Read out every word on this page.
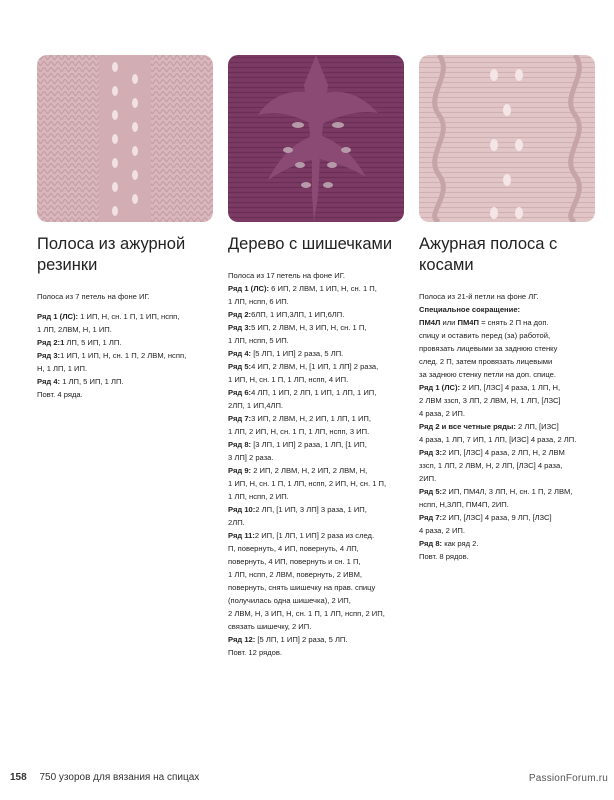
Полоса из ажурной резинки

Полоса из 7 петель на фоне ИГ.

Ряд 1 (ЛС): 1 ИП, Н, сн. 1 П, 1 ИП, нспп,

1 ЛП, 2ЛВМ, Н, 1 ИП.

Ряд 2:1 ЛП, 5 ИП, 1 ЛП.

Ряд 3:1 ИП, 1 ИП, Н, сн. 1 П, 2 ЛВМ, нспп,

Н, 1 ЛП, 1 ИП.

Ряд 4: 1 ЛП, 5 ИП, 1 ЛП.

Повт. 4 ряда.

Дерево с шишечками

Полоса из 17 петель на фоне ИГ.

Ряд 1 (ЛС): 6 ИП, 2 ЛВМ, 1 ИП, Н, сн. 1 П,

1 ЛП, нспп, 6 ИП.

Ряд 2:6ЛП, 1 ИП,3ЛП, 1 ИП,6ЛП.

Ряд 3:5 ИП, 2 ЛВМ, Н, 3 ИП, Н, сн. 1 П,

1 ЛП, нспп, 5 ИП.

Ряд 4: [5 ЛП, 1 ИП] 2 раза, 5 ЛП.

Ряд 5:4 ИП, 2 ЛВМ, Н, [1 ИП, 1 ЛП] 2 раза,

1 ИП, Н, сн. 1 П, 1 ЛП, нспп, 4 ИП.

Ряд 6:4 ЛП, 1 ИП, 2 ЛП, 1 ИП, 1 ЛП, 1 ИП,

2ЛП, 1 ИП,4ЛП.

Ряд 7:3 ИП, 2 ЛВМ, Н, 2 ИП, 1 ЛП, 1 ИП,

1 ЛП, 2 ИП, Н, сн. 1 П, 1 ЛП, нспп, 3 ИП.

Ряд 8: [3 ЛП, 1 ИП] 2 раза, 1 ЛП, [1 ИП,

3 ЛП] 2 раза.

Ряд 9: 2 ИП, 2 ЛВМ, Н, 2 ИП, 2 ЛВМ, Н,

1 ИП, Н, сн. 1 П, 1 ЛП, нспп, 2 ИП, Н, сн. 1 П,

1 ЛП, нспп, 2 ИП.

Ряд 10:2 ЛП, [1 ИП, 3 ЛП] 3 раза, 1 ИП,

2ЛП.

Ряд 11:2 ИП, [1 ЛП, 1 ИП] 2 раза из след.

П, повернуть, 4 ИП, повернуть, 4 ЛП,

повернуть, 4 ИП, повернуть и сн. 1 П,

1 ЛП, нспп, 2 ЛВМ, повернуть, 2 ИВМ,

повернуть, снять шишечку на прав. спицу

(получилась одна шишечка), 2 ИП,

2 ЛВМ, Н, 3 ИП, Н, сн. 1 П, 1 ЛП, нспп, 2 ИП,

связать шишечку, 2 ИП.

Ряд 12: [5 ЛП, 1 ИП] 2 раза, 5 ЛП.

Повт. 12 рядов.

Ажурная полоса с косами

Полоса из 21-й петли на фоне ЛГ.

Специальное сокращение:

ПМ4Л или ПМ4П = снять 2 П на доп.

спицу и оставить перед (за) работой,

провязать лицевыми за заднюю стенку

след. 2 П, затем провязать лицевыми

за заднюю стенку петли на доп. спице.

Ряд 1 (ЛС): 2 ИП, [ЛЗС] 4 раза, 1 ЛП, Н,

2 ЛВМ ззсп, 3 ЛП, 2 ЛВМ, Н, 1 ЛП, [ЛЗС]

4 раза, 2 ИП.

Ряд 2 и все четные ряды: 2 ЛП, [ИЗС]

4 раза, 1 ЛП, 7 ИП, 1 ЛП, [ИЗС] 4 раза, 2 ЛП.

Ряд 3:2 ИП, [ЛЗС] 4 раза, 2 ЛП, Н, 2 ЛВМ

ззсп, 1 ЛП, 2 ЛВМ, Н, 2 ЛП, [ЛЗС] 4 раза,

2ИП.

Ряд 5:2 ИП, ПМ4Л, 3 ЛП, Н, сн. 1 П, 2 ЛВМ,

нспп, Н,3ЛП, ПМ4П, 2ИП.

Ряд 7:2 ИП, [ЛЗС] 4 раза, 9 ЛП, [ЛЗС]

4 раза, 2 ИП.

Ряд 8: как ряд 2.

Повт. 8 рядов.

158 750 узоров для вязания на спицах	PassionForum.ru
